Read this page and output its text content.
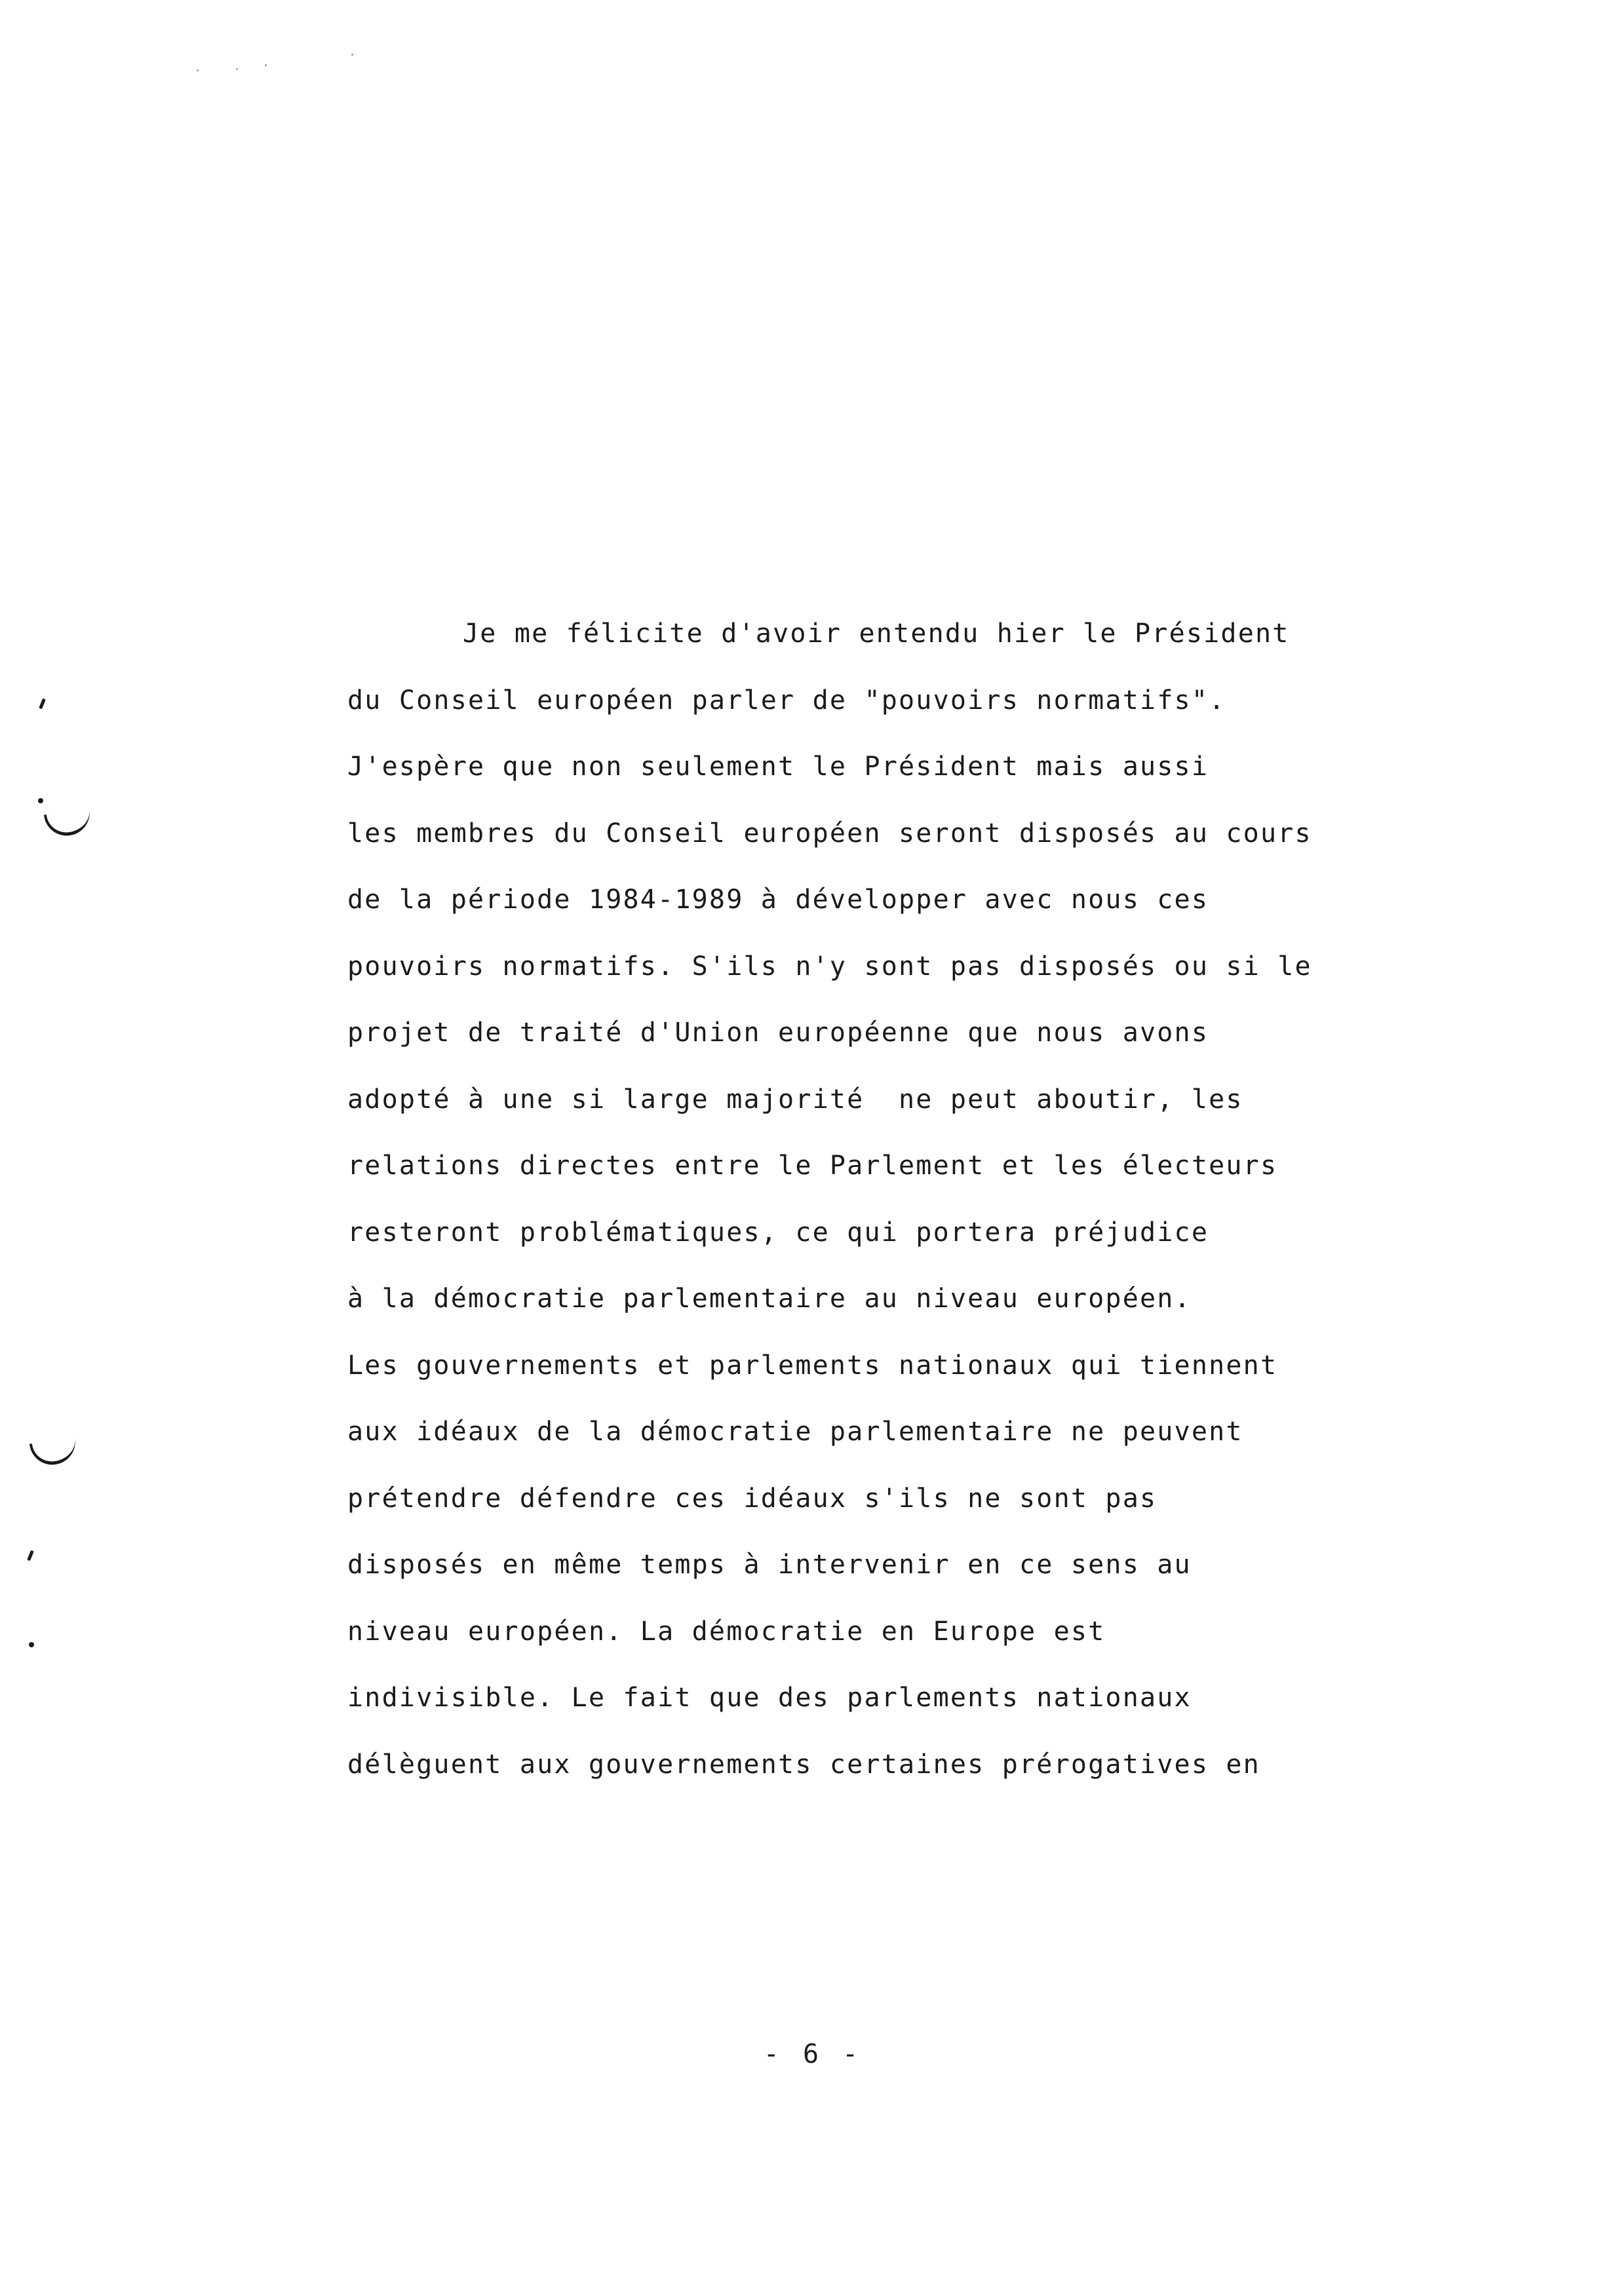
Je me félicite d'avoir entendu hier le Président
du Conseil européen parler de "pouvoirs normatifs".
J'espère que non seulement le Président mais aussi
les membres du Conseil européen seront disposés au cours
de la période 1984-1989 à développer avec nous ces
pouvoirs normatifs. S'ils n'y sont pas disposés ou si le
projet de traité d'Union européenne que nous avons
adopté à une si large majorité  ne peut aboutir, les
relations directes entre le Parlement et les électeurs
resteront problématiques, ce qui portera préjudice
à la démocratie parlementaire au niveau européen.
Les gouvernements et parlements nationaux qui tiennent
aux idéaux de la démocratie parlementaire ne peuvent
prétendre défendre ces idéaux s'ils ne sont pas
disposés en même temps à intervenir en ce sens au
niveau européen. La démocratie en Europe est
indivisible. Le fait que des parlements nationaux
délèguent aux gouvernements certaines prérogatives en
- 6 -
